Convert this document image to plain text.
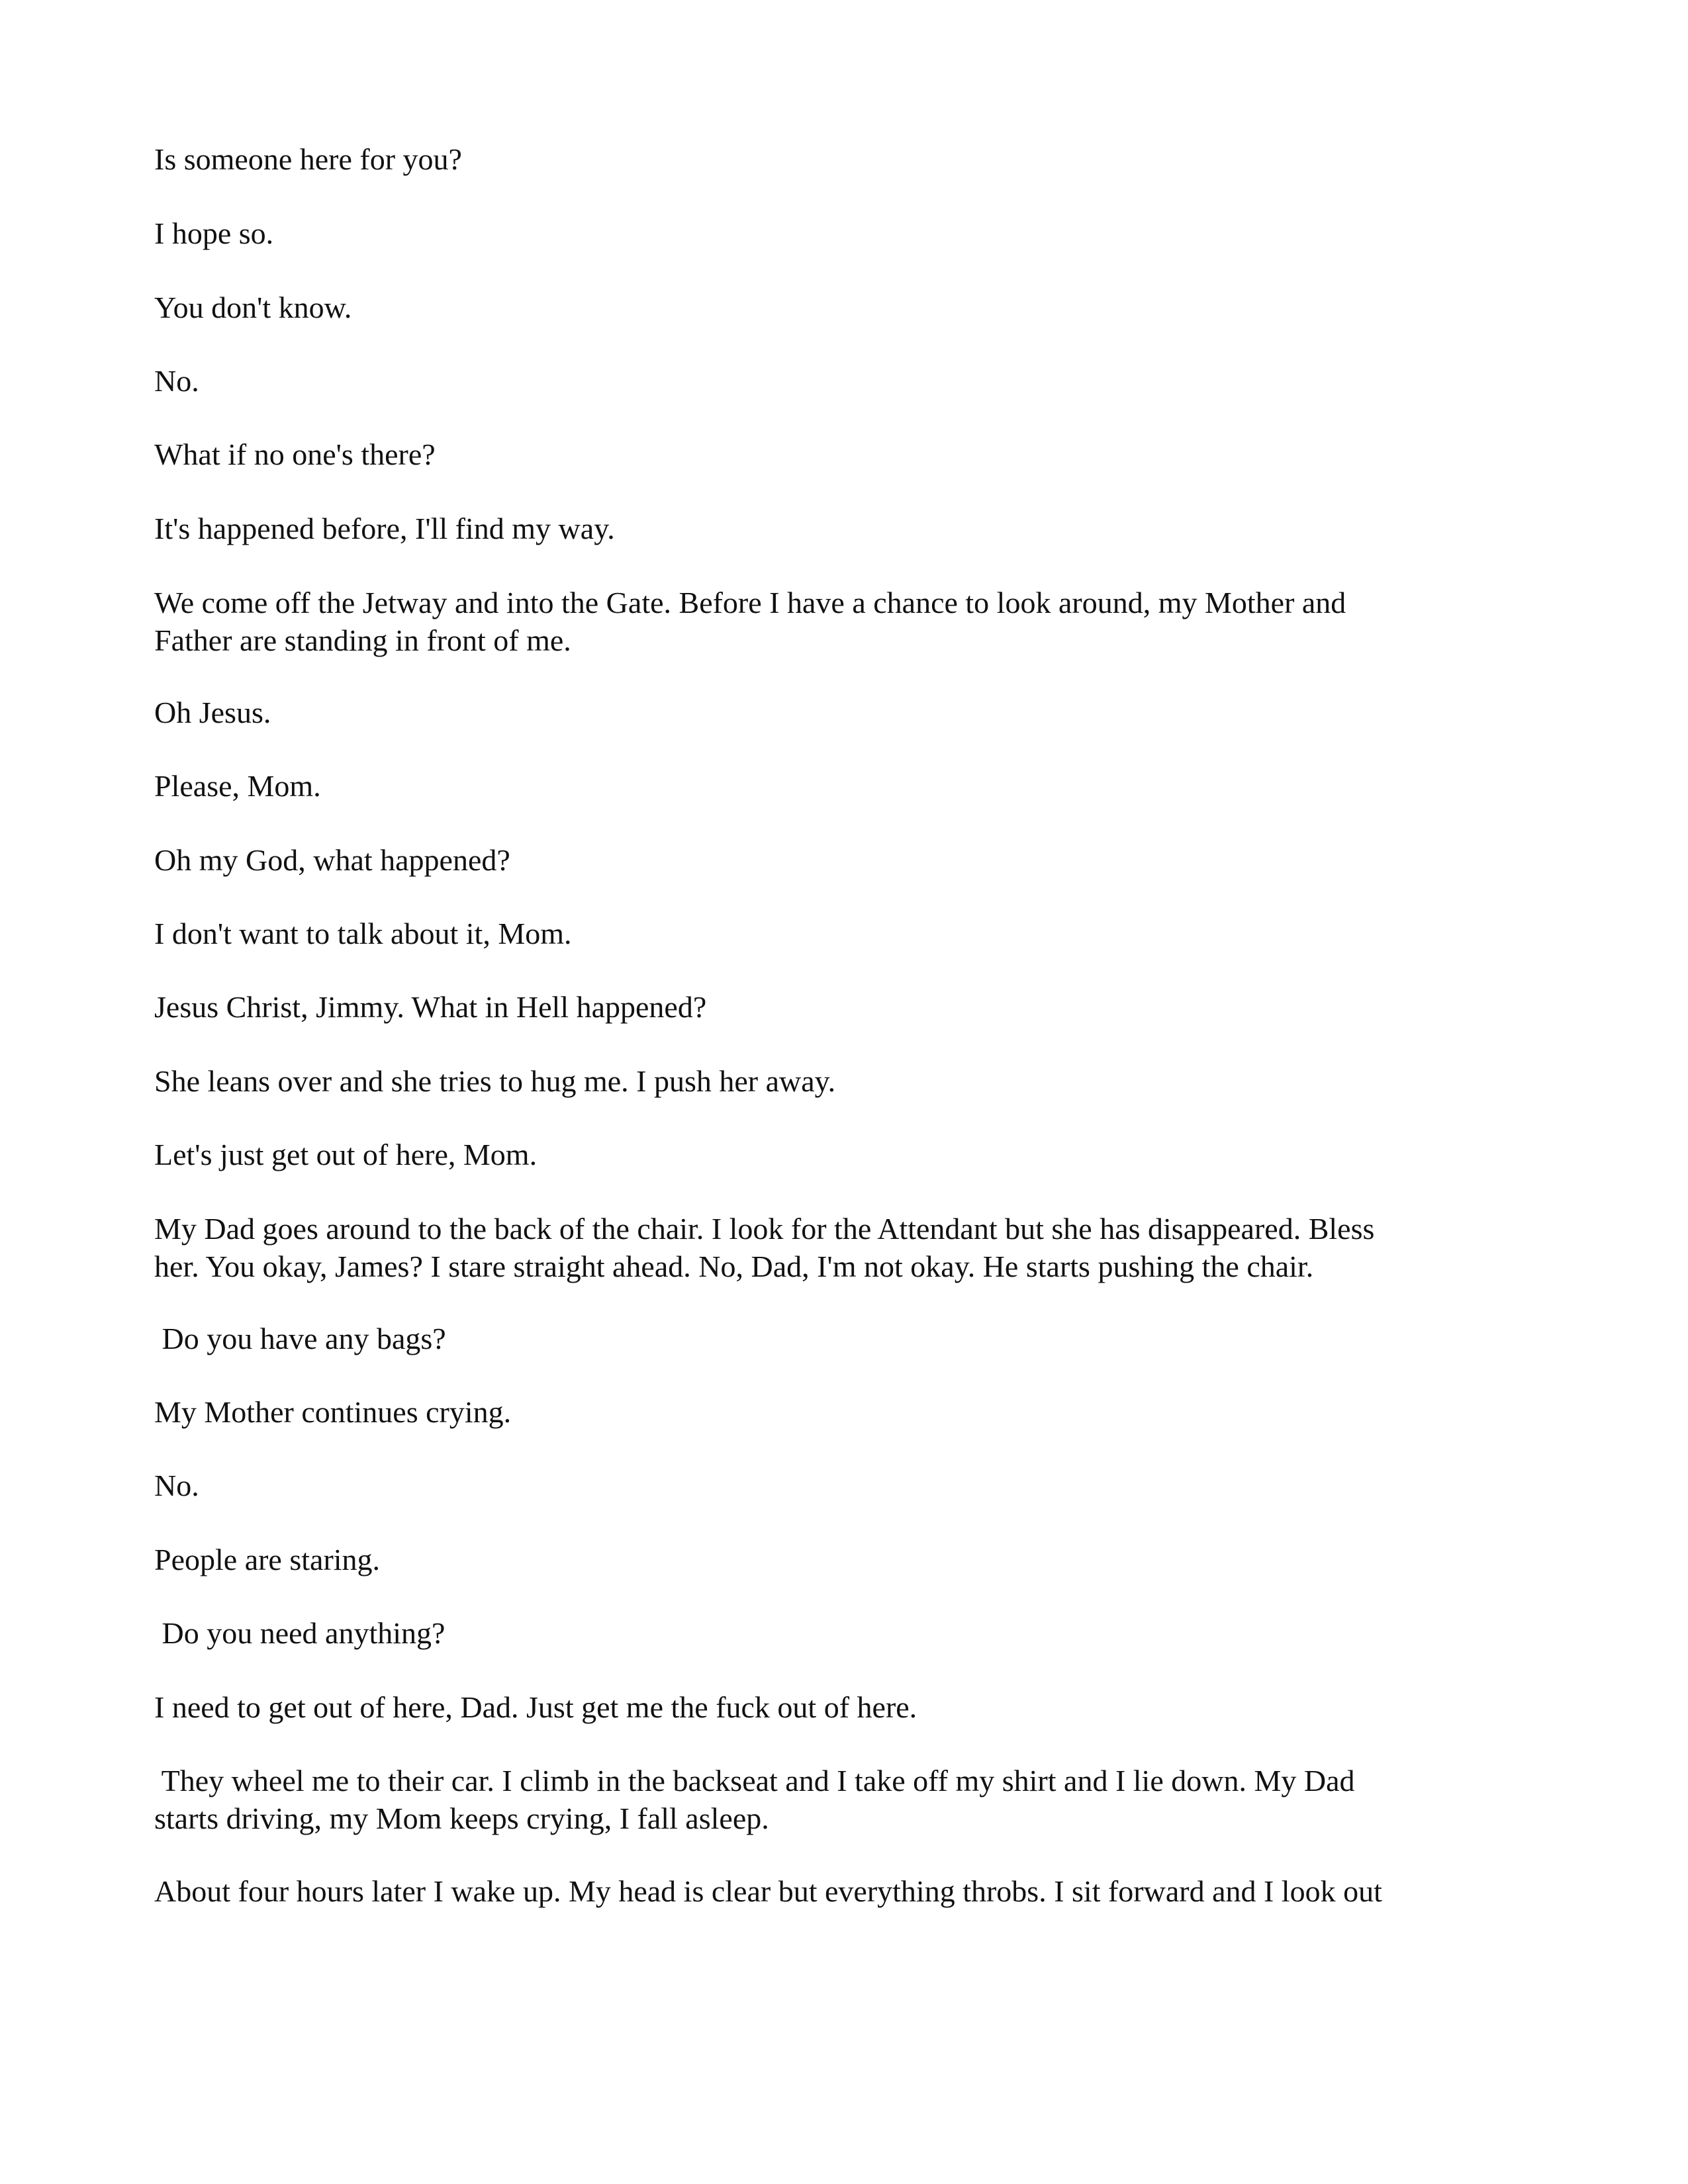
Is someone here for you?
I hope so.
You don't know.
No.
What if no one's there?
It's happened before, I'll find my way.
We come off the Jetway and into the Gate. Before I have a chance to look around, my Mother and
Father are standing in front of me.
Oh Jesus.
Please, Mom.
Oh my God, what happened?
I don't want to talk about it, Mom.
Jesus Christ, Jimmy. What in Hell happened?
She leans over and she tries to hug me. I push her away.
Let's just get out of here, Mom.
My Dad goes around to the back of the chair. I look for the Attendant but she has disappeared. Bless
her. You okay, James? I stare straight ahead. No, Dad, I'm not okay. He starts pushing the chair.
Do you have any bags?
My Mother continues crying.
No.
People are staring.
Do you need anything?
I need to get out of here, Dad. Just get me the fuck out of here.
They wheel me to their car. I climb in the backseat and I take off my shirt and I lie down. My Dad
starts driving, my Mom keeps crying, I fall asleep.
About four hours later I wake up. My head is clear but everything throbs. I sit forward and I look out
